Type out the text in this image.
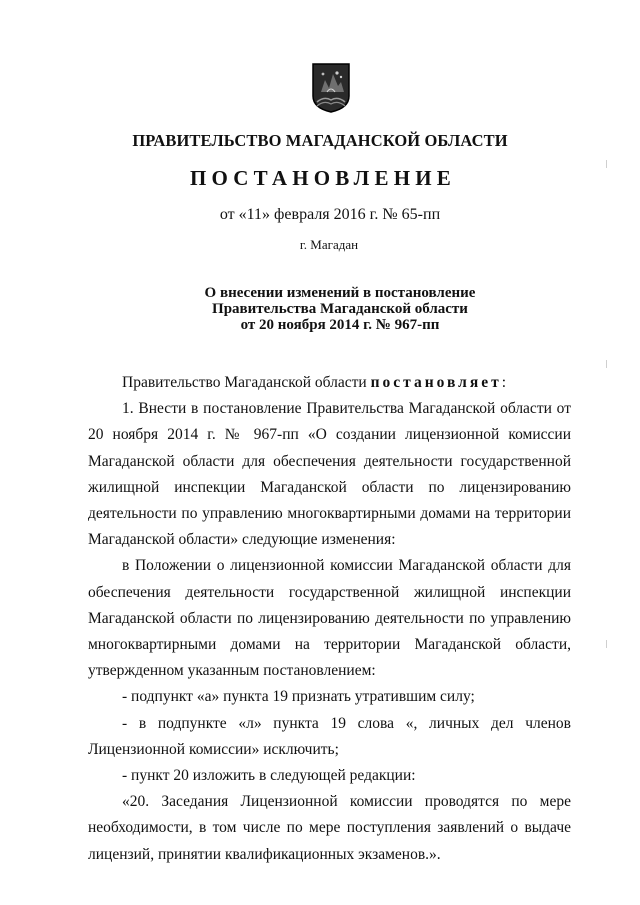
ПРАВИТЕЛЬСТВО МАГАДАНСКОЙ ОБЛАСТИ
ПОСТАНОВЛЕНИЕ
от «11» февраля 2016 г. № 65-пп
г. Магадан
О внесении изменений в постановление
Правительства Магаданской области
от 20 ноября 2014 г. № 967-пп

Правительство Магаданской области постановляет:

1. Внести в постановление Правительства Магаданской области от 20 ноября 2014 г. № 967-пп «О создании лицензионной комиссии Магаданской области для обеспечения деятельности государственной жилищной инспекции Магаданской области по лицензированию деятельности по управлению многоквартирными домами на территории Магаданской области» следующие изменения:

в Положении о лицензионной комиссии Магаданской области для обеспечения деятельности государственной жилищной инспекции Магаданской области по лицензированию деятельности по управлению многоквартирными домами на территории Магаданской области, утвержденном указанным постановлением:

- подпункт «а» пункта 19 признать утратившим силу;

- в подпункте «л» пункта 19 слова «, личных дел членов Лицензионной комиссии» исключить;

- пункт 20 изложить в следующей редакции:

«20. Заседания Лицензионной комиссии проводятся по мере необходимости, в том числе по мере поступления заявлений о выдаче лицензий, принятии квалификационных экзаменов.».
